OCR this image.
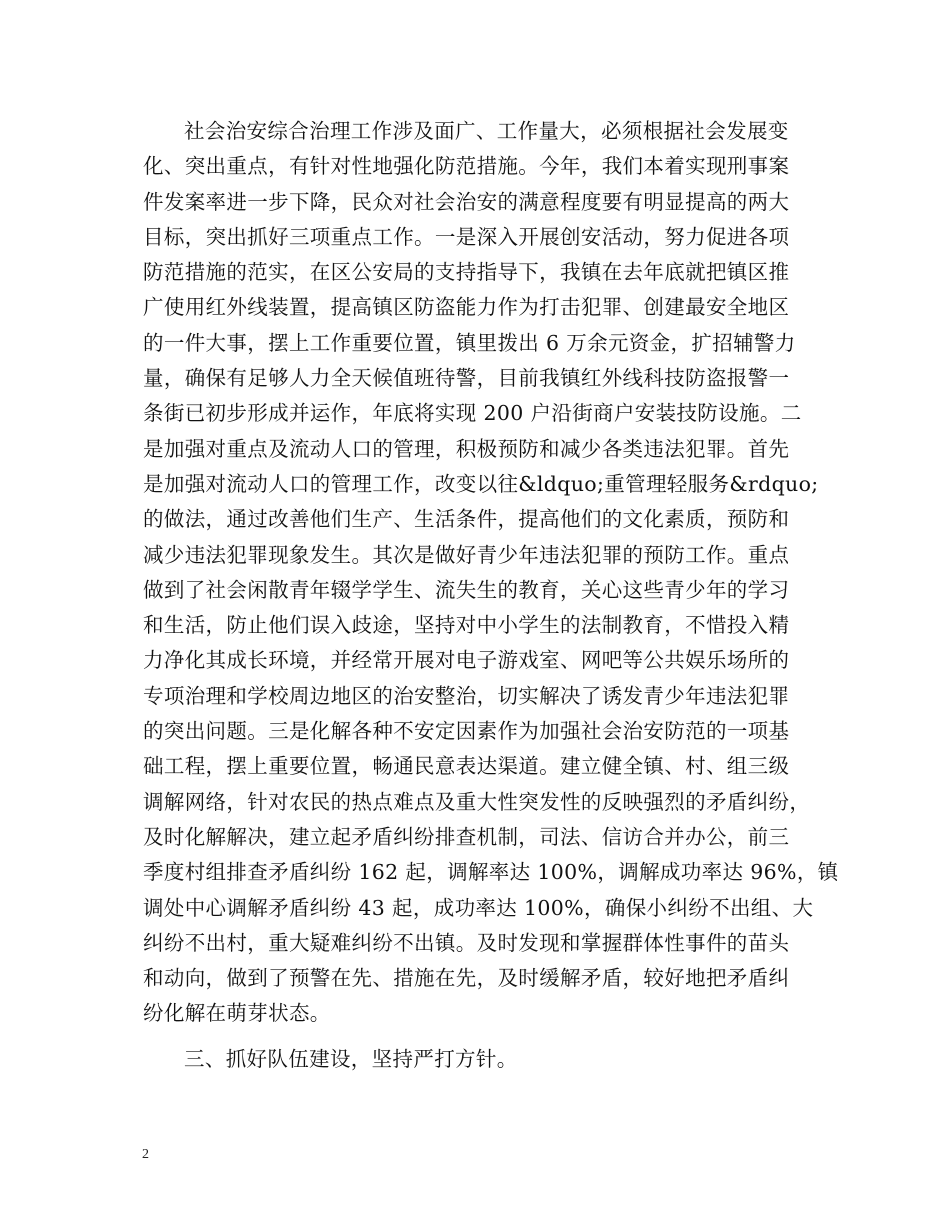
社会治安综合治理工作涉及面广、工作量大，必须根据社会发展变
化、突出重点，有针对性地强化防范措施。今年，我们本着实现刑事案
件发案率进一步下降，民众对社会治安的满意程度要有明显提高的两大
目标，突出抓好三项重点工作。一是深入开展创安活动，努力促进各项
防范措施的范实，在区公安局的支持指导下，我镇在去年底就把镇区推
广使用红外线装置，提高镇区防盗能力作为打击犯罪、创建最安全地区
的一件大事，摆上工作重要位置，镇里拨出 6 万余元资金，扩招辅警力
量，确保有足够人力全天候值班待警，目前我镇红外线科技防盗报警一
条街已初步形成并运作，年底将实现 200 户沿街商户安装技防设施。二
是加强对重点及流动人口的管理，积极预防和减少各类违法犯罪。首先
是加强对流动人口的管理工作，改变以往&ldquo;重管理轻服务&rdquo;
的做法，通过改善他们生产、生活条件，提高他们的文化素质，预防和
减少违法犯罪现象发生。其次是做好青少年违法犯罪的预防工作。重点
做到了社会闲散青年辍学学生、流失生的教育，关心这些青少年的学习
和生活，防止他们误入歧途，坚持对中小学生的法制教育，不惜投入精
力净化其成长环境，并经常开展对电子游戏室、网吧等公共娱乐场所的
专项治理和学校周边地区的治安整治，切实解决了诱发青少年违法犯罪
的突出问题。三是化解各种不安定因素作为加强社会治安防范的一项基
础工程，摆上重要位置，畅通民意表达渠道。建立健全镇、村、组三级
调解网络，针对农民的热点难点及重大性突发性的反映强烈的矛盾纠纷，
及时化解解决，建立起矛盾纠纷排查机制，司法、信访合并办公，前三
季度村组排查矛盾纠纷 162 起，调解率达 100%，调解成功率达 96%，镇
调处中心调解矛盾纠纷 43 起，成功率达 100%，确保小纠纷不出组、大
纠纷不出村，重大疑难纠纷不出镇。及时发现和掌握群体性事件的苗头
和动向，做到了预警在先、措施在先，及时缓解矛盾，较好地把矛盾纠
纷化解在萌芽状态。
三、抓好队伍建设，坚持严打方针。
2
